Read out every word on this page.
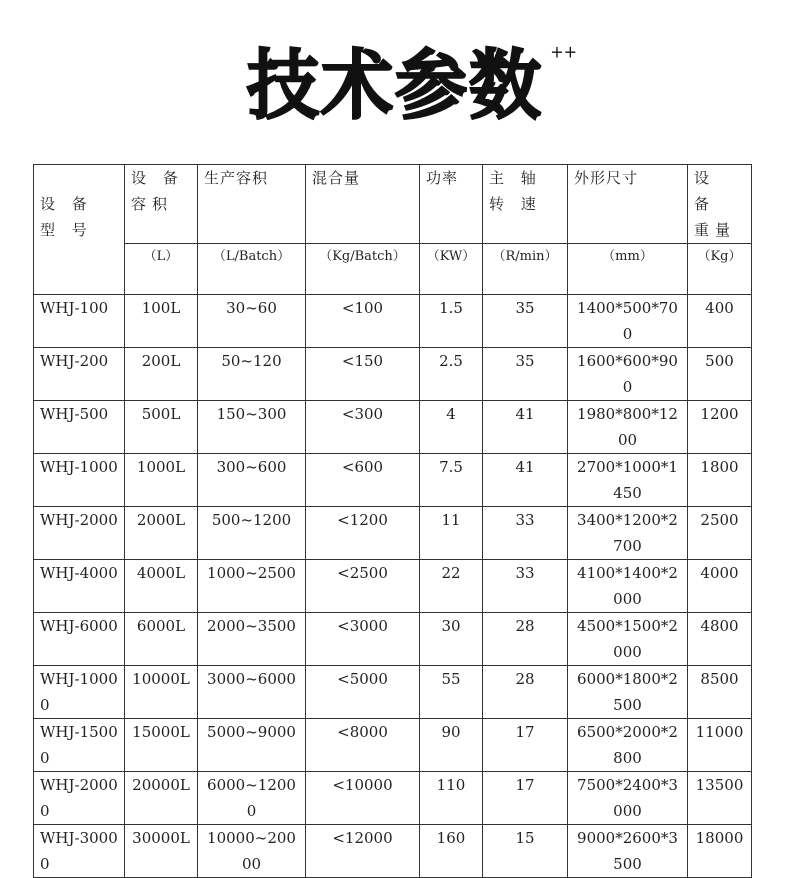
技术参数 ++
设 备 型 号	设 备 容积	生产容积	混合量	功率	主 轴 转 速	外形尺寸	设 备 重量
	（L）	（L/Batch）	（Kg/Batch）	（KW）	（R/min）	（mm）	（Kg）
WHJ-100	100L	30~60	<100	1.5	35	1400*500*700	400
WHJ-200	200L	50~120	<150	2.5	35	1600*600*900	500
WHJ-500	500L	150~300	<300	4	41	1980*800*1200	1200
WHJ-1000	1000L	300~600	<600	7.5	41	2700*1000*1450	1800
WHJ-2000	2000L	500~1200	<1200	11	33	3400*1200*2700	2500
WHJ-4000	4000L	1000~2500	<2500	22	33	4100*1400*2000	4000
WHJ-6000	6000L	2000~3500	<3000	30	28	4500*1500*2000	4800
WHJ-10000	10000L	3000~6000	<5000	55	28	6000*1800*2500	8500
WHJ-15000	15000L	5000~9000	<8000	90	17	6500*2000*2800	11000
WHJ-20000	20000L	6000~12000	<10000	110	17	7500*2400*3000	13500
WHJ-30000	30000L	10000~20000	<12000	160	15	9000*2600*3500	18000
